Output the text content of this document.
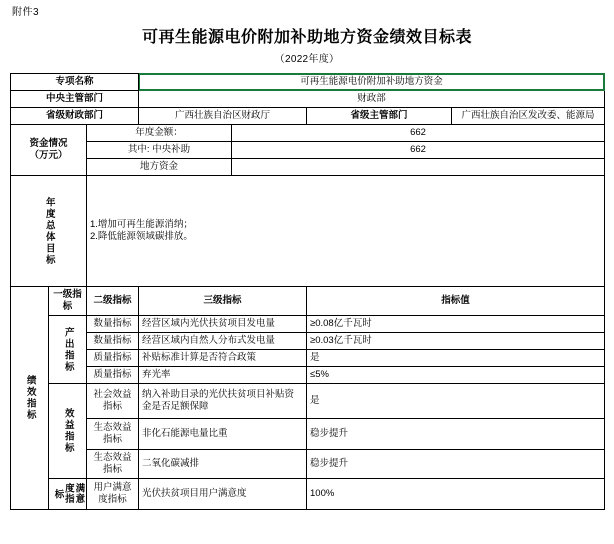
附件3
可再生能源电价附加补助地方资金绩效目标表
（2022年度）
专项名称			可再生能源电价附加补助地方资金			
中央主管部门			财政部			
省级财政部门			广西壮族自治区财政厅		省级主管部门	广西壮族自治区发改委、能源局

资金情况
（万元）		年度金额：		662		
		其中: 中央补助		662		
		地方资金				

年度总体目标		1.增加可再生能源消纳；
2.降低能源领域碳排放。				

绩效指标	一级指标	二级指标	三级指标		指标值	

	产出指标	数量指标	经营区域内光伏扶贫项目发电量		≥0.08亿千瓦时	
		数量指标	经营区域内自然人分布式发电量		≥0.03亿千瓦时	
		质量指标	补贴标准计算是否符合政策		是	
		质量指标	弃光率		≤5%	

	效益指标	社会效益指标	纳入补助目录的光伏扶贫项目补贴资金是否足额保障		是	
		生态效益指标	非化石能源电量比重		稳步提升	
		生态效益指标	二氧化碳减排		稳步提升	

	满意度指标	用户满意度指标	光伏扶贫项目用户满意度		100%	
